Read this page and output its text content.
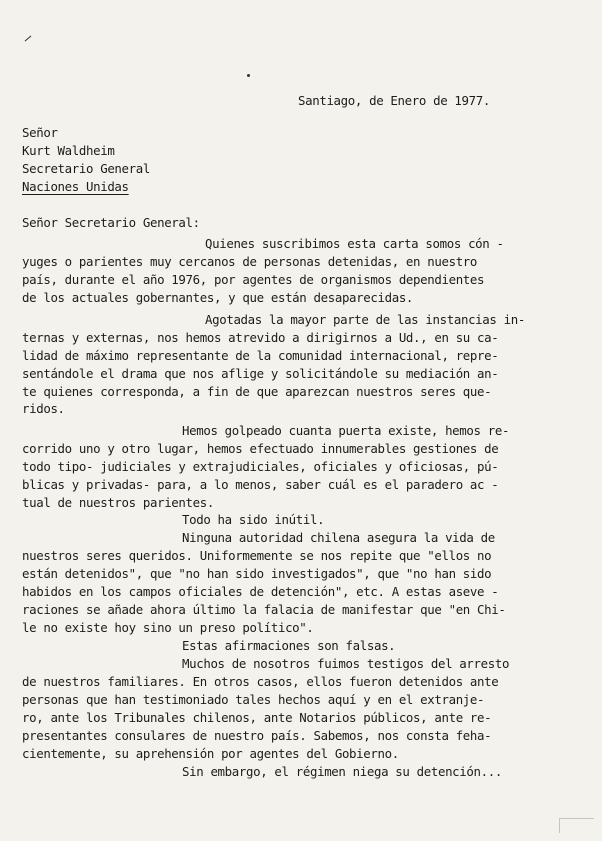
Santiago, de Enero de 1977.
Señor
Kurt Waldheim
Secretario General
Naciones Unidas
Señor Secretario General:
Quienes suscribimos esta carta somos cón -
yuges o parientes muy cercanos de personas detenidas, en nuestro
país, durante el año 1976, por agentes de organismos dependientes
de los actuales gobernantes, y que están desaparecidas.
Agotadas la mayor parte de las instancias in-
ternas y externas, nos hemos atrevido a dirigirnos a Ud., en su ca-
lidad de máximo representante de la comunidad internacional, repre-
sentándole el drama que nos aflige y solicitándole su mediación an-
te quienes corresponda, a fin de que aparezcan nuestros seres que-
ridos.
Hemos golpeado cuanta puerta existe, hemos re-
corrido uno y otro lugar, hemos efectuado innumerables gestiones de
todo tipo- judiciales y extrajudiciales, oficiales y oficiosas, pú-
blicas y privadas- para, a lo menos, saber cuál es el paradero ac -
tual de nuestros parientes.
Todo ha sido inútil.
Ninguna autoridad chilena asegura la vida de
nuestros seres queridos. Uniformemente se nos repite que "ellos no
están detenidos", que "no han sido investigados", que "no han sido
habidos en los campos oficiales de detención", etc. A estas aseve -
raciones se añade ahora último la falacia de manifestar que "en Chi-
le no existe hoy sino un preso político".
Estas afirmaciones son falsas.
Muchos de nosotros fuimos testigos del arresto
de nuestros familiares. En otros casos, ellos fueron detenidos ante
personas que han testimoniado tales hechos aquí y en el extranje-
ro, ante los Tribunales chilenos, ante Notarios públicos, ante re-
presentantes consulares de nuestro país. Sabemos, nos consta feha-
cientemente, su aprehensión por agentes del Gobierno.
Sin embargo, el régimen niega su detención...
